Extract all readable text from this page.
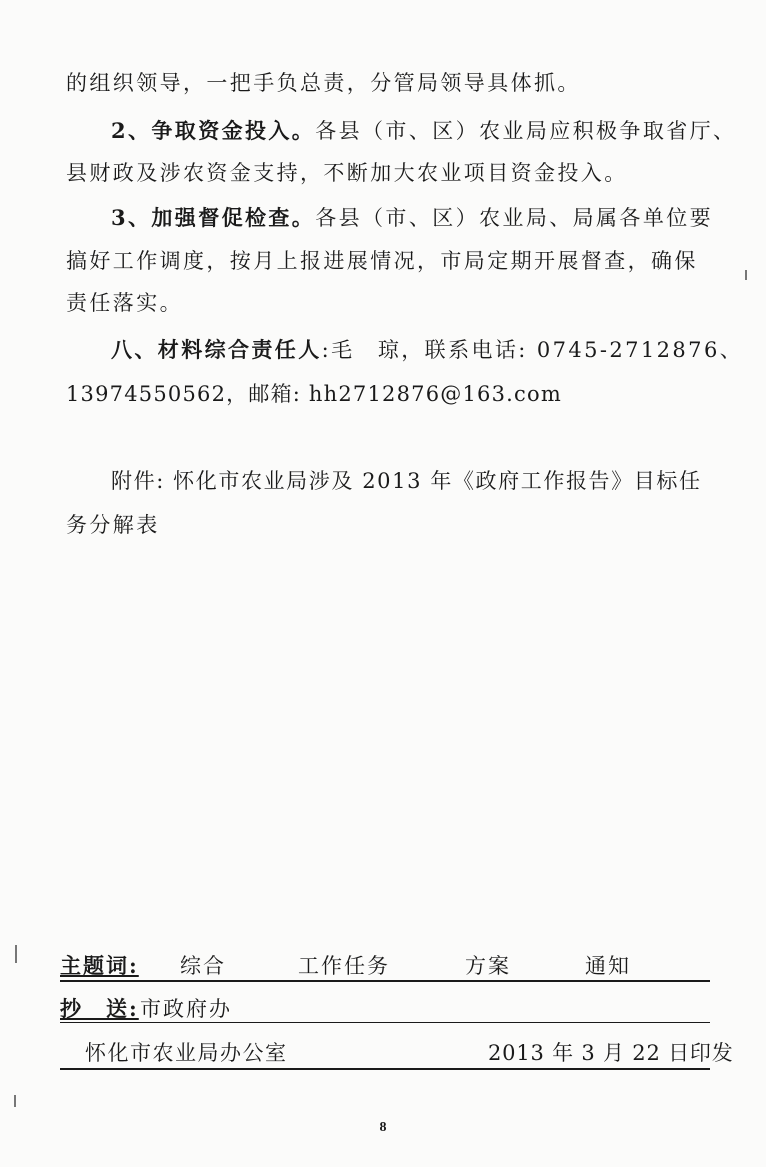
的组织领导，一把手负总责，分管局领导具体抓。
2、争取资金投入。各县（市、区）农业局应积极争取省厅、
县财政及涉农资金支持，不断加大农业项目资金投入。
3、加强督促检查。各县（市、区）农业局、局属各单位要
搞好工作调度，按月上报进展情况，市局定期开展督查，确保
责任落实。
八、材料综合责任人:毛　琼，联系电话: 0745-2712876、
13974550562，邮箱: hh2712876@163.com
附件: 怀化市农业局涉及 2013 年《政府工作报告》目标任
务分解表
主题词: 综合	工作任务	方案	通知
抄　送: 市政府办
怀化市农业局办公室	2013 年 3 月 22 日印发
8
